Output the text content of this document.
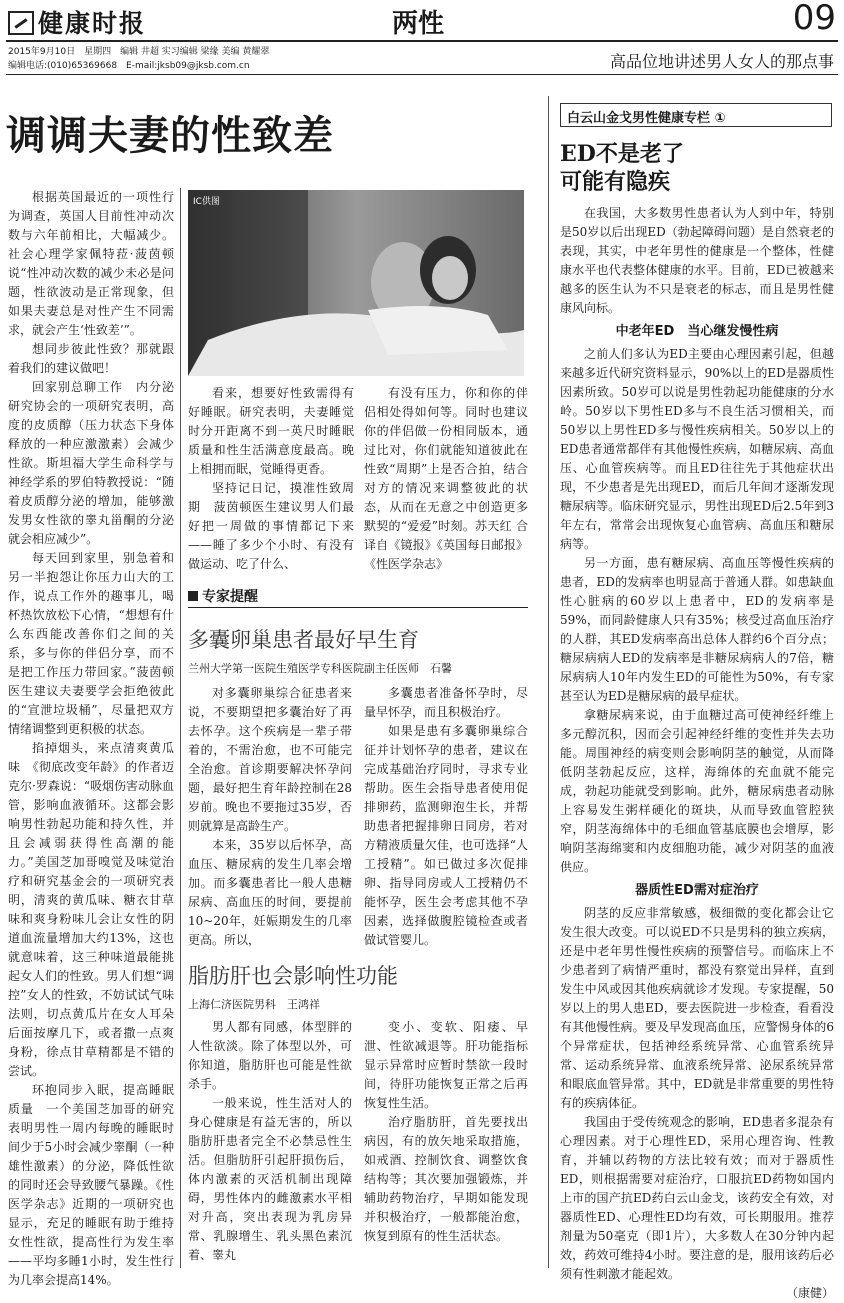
健康时报	两性	09
2015年9月10日　星期四　编辑 井超 实习编辑 梁缘 美编 黄耀翠
编辑电话:(010)65369668　E-mail:jksb09@jksb.com.cn	高品位地讲述男人女人的那点事
调调夫妻的性致差

根据英国最近的一项性行为调查，英国人目前性冲动次数与六年前相比，大幅减少。社会心理学家佩特菈·菠茵顿说“性冲动次数的减少未必是问题，性欲波动是正常现象，但如果夫妻总是对性产生不同需求，就会产生‘性致差’”。

想同步彼此性致？那就跟着我们的建议做吧！

回家别总聊工作　内分泌研究协会的一项研究表明，高度的皮质醇（压力状态下身体释放的一种应激激素）会减少性欲。斯坦福大学生命科学与神经学系的罗伯特教授说：“随着皮质醇分泌的增加，能够激发男女性欲的睾丸甾酮的分泌就会相应减少”。

每天回到家里，别急着和另一半抱怨让你压力山大的工作，说点工作外的趣事儿，喝杯热饮放松下心情，“想想有什么东西能改善你们之间的关系，多与你的伴侣分享，而不是把工作压力带回家。”菠茵顿医生建议夫妻要学会拒绝彼此的“宣泄垃圾桶”，尽量把双方情绪调整到更积极的状态。

掐掉烟头，来点清爽黄瓜味　《彻底改变年龄》的作者迈克尔·罗森说：“吸烟伤害动脉血管，影响血液循环。这都会影响男性勃起功能和持久性，并且会减弱获得性高潮的能力。”美国芝加哥嗅觉及味觉治疗和研究基金会的一项研究表明，清爽的黄瓜味、糖衣甘草味和爽身粉味儿会让女性的阴道血流量增加大约13%，这也就意味着，这三种味道最能挑起女人们的性致。男人们想“调控”女人的性致，不妨试试气味法则，切点黄瓜片在女人耳朵后面按摩几下，或者撒一点爽身粉，徐点甘草精都是不错的尝试。

环抱同步入眠，提高睡眠质量　一个美国芝加哥的研究表明男性一周内每晚的睡眠时间少于5小时会减少睾酮（一种雄性激素）的分泌，降低性欲的同时还会导致腰气暴躁。《性医学杂志》近期的一项研究也显示，充足的睡眠有助于维持女性性欲，提高性行为发生率——平均多睡1小时，发生性行为几率会提高14%。

IC供图

看来，想要好性致需得有好睡眠。研究表明，夫妻睡觉时分开距离不到一英尺时睡眠质量和性生活满意度最高。晚上相拥而眠，觉睡得更香。

坚持记日记，摸准性致周期　菠茵顿医生建议男人们最好把一周做的事情都记下来——睡了多少个小时、有没有做运动、吃了什么、

有没有压力，你和你的伴侣相处得如何等。同时也建议你的伴侣做一份相同版本，通过比对，你们就能知道彼此在性致“周期”上是否合拍，结合对方的情况来调整彼此的状态，从而在无意之中创造更多默契的“爱爱”时刻。苏天红 合译自《镜报》《英国每日邮报》《性医学杂志》

专家提醒
多囊卵巢患者最好早生育
兰州大学第一医院生殖医学专科医院副主任医师　石馨

对多囊卵巢综合征患者来说，不要期望把多囊治好了再去怀孕。这个疾病是一辈子带着的，不需治愈，也不可能完全治愈。首诊期要解决怀孕问题，最好把生育年龄控制在28岁前。晚也不要拖过35岁，否则就算是高龄生产。

本来，35岁以后怀孕，高血压、糖尿病的发生几率会增加。而多囊患者比一般人患糖尿病、高血压的时间，要提前10~20年，妊娠期发生的几率更高。所以，

多囊患者准备怀孕时，尽量早怀孕，而且积极治疗。

如果是患有多囊卵巢综合征并计划怀孕的患者，建议在完成基础治疗同时，寻求专业帮助。医生会指导患者使用促排卵药，监测卵泡生长，并帮助患者把握排卵日同房，若对方精液质量欠佳，也可选择“人工授精”。如已做过多次促排卵、指导同房或人工授精仍不能怀孕，医生会考虑其他不孕因素，选择做腹腔镜检查或者做试管婴儿。

脂肪肝也会影响性功能
上海仁济医院男科　王鸿祥

男人都有同感，体型胖的人性欲淡。除了体型以外，可你知道，脂肪肝也可能是性欲杀手。

一般来说，性生活对人的身心健康是有益无害的，所以脂肪肝患者完全不必禁忌性生活。但脂肪肝引起肝损伤后，体内激素的灭活机制出现障碍，男性体内的雌激素水平相对升高，突出表现为乳房异常、乳腺增生、乳头黑色素沉着、睾丸

变小、变软、阳痿、早泄、性欲减退等。肝功能指标显示异常时应暂时禁欲一段时间，待肝功能恢复正常之后再恢复性生活。

治疗脂肪肝，首先要找出病因，有的放矢地采取措施，如戒酒、控制饮食、调整饮食结构等；其次要加强锻炼，并辅助药物治疗，早期如能发现并积极治疗，一般都能治愈，恢复到原有的性生活状态。

白云山金戈男性健康专栏 ①
ED不是老了
可能有隐疾

在我国，大多数男性患者认为人到中年，特别是50岁以后出现ED（勃起障碍问题）是自然衰老的表现，其实，中老年男性的健康是一个整体，性健康水平也代表整体健康的水平。目前，ED已被越来越多的医生认为不只是衰老的标志，而且是男性健康风向标。

中老年ED　当心继发慢性病

之前人们多认为ED主要由心理因素引起，但越来越多近代研究资料显示，90%以上的ED是器质性因素所致。50岁可以说是男性勃起功能健康的分水岭。50岁以下男性ED多与不良生活习惯相关，而50岁以上男性ED多与慢性疾病相关。50岁以上的ED患者通常都伴有其他慢性疾病，如糖尿病、高血压、心血管疾病等。而且ED往往先于其他症状出现，不少患者是先出现ED，而后几年间才逐渐发现糖尿病等。临床研究显示，男性出现ED后2.5年到3年左右，常常会出现恢复心血管病、高血压和糖尿病等。

另一方面，患有糖尿病、高血压等慢性疾病的患者，ED的发病率也明显高于普通人群。如患缺血性心脏病的60岁以上患者中，ED的发病率是59%，而同龄健康人只有35%；核受过高血压治疗的人群，其ED发病率高出总体人群约6个百分点；糖尿病病人ED的发病率是非糖尿病病人的7倍，糖尿病病人10年内发生ED的可能性为50%，有专家甚至认为ED是糖尿病的最早症状。

拿糖尿病来说，由于血糖过高可使神经纤维上多元醇沉积，因而会引起神经纤维的变性并失去功能。周围神经的病变则会影响阴茎的触觉，从而降低阴茎勃起反应，这样，海绵体的充血就不能完成，勃起功能就受到影响。此外，糖尿病患者动脉上容易发生粥样硬化的斑块，从而导致血管腔狭窄，阴茎海绵体中的毛细血管基底膜也会增厚，影响阴茎海绵窦和内皮细胞功能，减少对阴茎的血液供应。

器质性ED需对症治疗

阴茎的反应非常敏感，极细微的变化都会让它发生很大改变。可以说ED不只是男科的独立疾病，还是中老年男性慢性疾病的预警信号。而临床上不少患者到了病情严重时，都没有察觉出异样，直到发生中风或因其他疾病就诊才发现。专家提醒，50岁以上的男人患ED，要去医院进一步检查，看看没有其他慢性病。要及早发现高血压，应警惕身体的6个异常症状，包括神经系统异常、心血管系统异常、运动系统异常、血液系统异常、泌尿系统异常和眼底血管异常。其中，ED就是非常重要的男性特有的疾病体征。

我国由于受传统观念的影响，ED患者多混杂有心理因素。对于心理性ED，采用心理咨询、性教育，并辅以药物的方法比较有效；而对于器质性ED，则根据需要对症治疗，口服抗ED药物如国内上市的国产抗ED药白云山金戈，该药安全有效，对器质性ED、心理性ED均有效，可长期服用。推荐剂量为50毫克（即1片），大多数人在30分钟内起效，药效可维持4小时。要注意的是，服用该药后必须有性刺激才能起效。

（康健）
